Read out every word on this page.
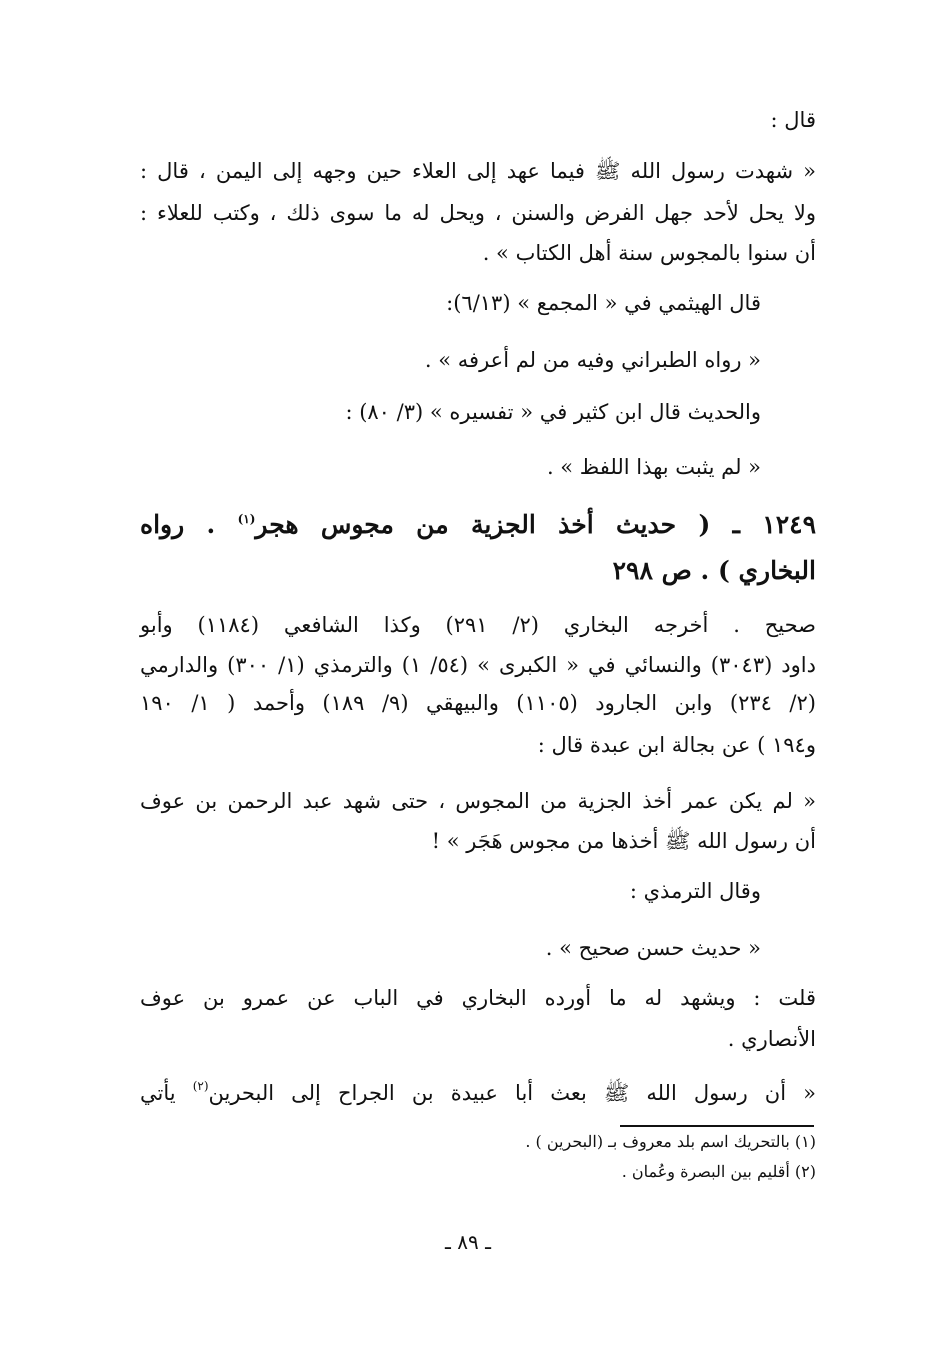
قال :
« شهدت رسول الله ﷺ فيما عهد إلى العلاء حين وجهه إلى اليمن ، قال :
ولا يحل لأحد جهل الفرض والسنن ، ويحل له ما سوى ذلك ، وكتب للعلاء :
أن سنوا بالمجوس سنة أهل الكتاب » .
قال الهيثمي في « المجمع » (٦/١٣):
« رواه الطبراني وفيه من لم أعرفه » .
والحديث قال ابن كثير في « تفسيره » (٣/ ٨٠) :
« لم يثبت بهذا اللفظ » .
١٢٤٩ ـ ( حديث أخذ الجزية من مجوس هجر$^{(١)}$ . رواه
البخاري ) . ص ٢٩٨
صحيح . أخرجه البخاري (٢/ ٢٩١) وكذا الشافعي (١١٨٤) وأبو
داود (٣٠٤٣) والنسائي في « الكبرى » (٥٤/ ١) والترمذي (١/ ٣٠٠) والدارمي
(٢/ ٢٣٤) وابن الجارود (١١٠٥) والبيهقي (٩/ ١٨٩) وأحمد ( ١/ ١٩٠
و١٩٤ ) عن بجالة ابن عبدة قال :
« لم يكن عمر أخذ الجزية من المجوس ، حتى شهد عبد الرحمن بن عوف
أن رسول الله ﷺ أخذها من مجوس هَجَر » !
وقال الترمذي :
« حديث حسن صحيح » .
قلت : ويشهد له ما أورده البخاري في الباب عن عمرو بن عوف
الأنصاري .
« أن رسول الله ﷺ بعث أبا عبيدة بن الجراح إلى البحرين$^{(٢)}$ يأتي
(١) بالتحريك اسم بلد معروف بـ (البحرين ) .
(٢) أقليم بين البصرة وعُمان .
ـ ٨٩ ـ
